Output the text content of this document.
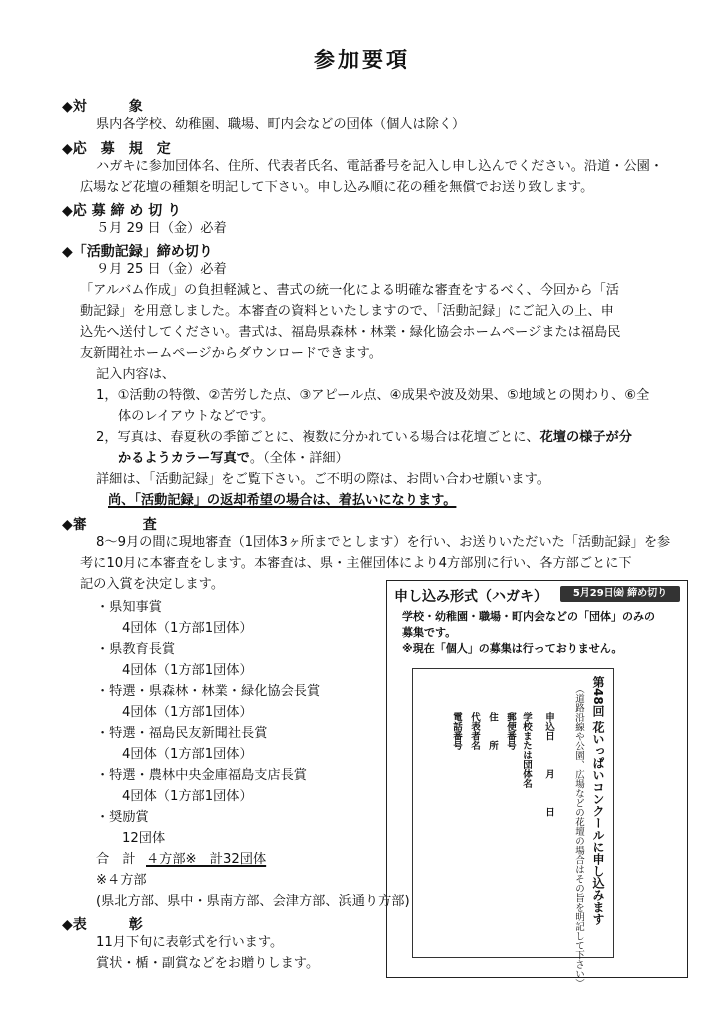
参加要項
◆対　　　象
県内各学校、幼稚園、職場、町内会などの団体（個人は除く）
◆応　募　規　定
ハガキに参加団体名、住所、代表者氏名、電話番号を記入し申し込んでください。沿道・公園・
広場など花壇の種類を明記して下さい。申し込み順に花の種を無償でお送り致します。
◆応 募 締 め 切 り
５月 29 日（金）必着
◆「活動記録」締め切り
９月 25 日（金）必着
「アルバム作成」の負担軽減と、書式の統一化による明確な審査をするべく、今回から「活
動記録」を用意しました。本審査の資料といたしますので、「活動記録」にご記入の上、申
込先へ送付してください。書式は、福島県森林・林業・緑化協会ホームページまたは福島民
友新聞社ホームページからダウンロードできます。
記入内容は、
1，①活動の特徴、②苦労した点、③アピール点、④成果や波及効果、⑤地域との関わり、⑥全
体のレイアウトなどです。
2，写真は、春夏秋の季節ごとに、複数に分かれている場合は花壇ごとに、花壇の様子が分
かるようカラー写真で。（全体・詳細）
詳細は、「活動記録」をご覧下さい。ご不明の際は、お問い合わせ願います。
尚、「活動記録」の返却希望の場合は、着払いになります。
◆審　　　　査
8～9月の間に現地審査（1団体3ヶ所までとします）を行い、お送りいただいた「活動記録」を参
考に10月に本審査をします。本審査は、県・主催団体により4方部別に行い、各方部ごとに下
記の入賞を決定します。
・県知事賞
4団体（1方部1団体）
・県教育長賞
4団体（1方部1団体）
・特選・県森林・林業・緑化協会長賞
4団体（1方部1団体）
・特選・福島民友新聞社長賞
4団体（1方部1団体）
・特選・農林中央金庫福島支店長賞
4団体（1方部1団体）
・奨励賞
12団体
合　計 ４方部※　計32団体
※４方部
(県北方部、県中・県南方部、会津方部、浜通り方部)
◆表　　　彰
11月下旬に表彰式を行います。
賞状・楯・副賞などをお贈りします。
申し込み形式（ハガキ）	5月29日㈮ 締め切り
学校・幼稚園・職場・町内会などの「団体」のみの
募集です。
※現在「個人」の募集は行っておりません。
第48回 花いっぱいコンクールに申し込みます
（道路沿線や公園、広場などの花壇の場合はその旨を明記して下さい）
申込日　　　月　　　日
学校または団体名
郵便番号
住　　所
代表者名
電話番号
